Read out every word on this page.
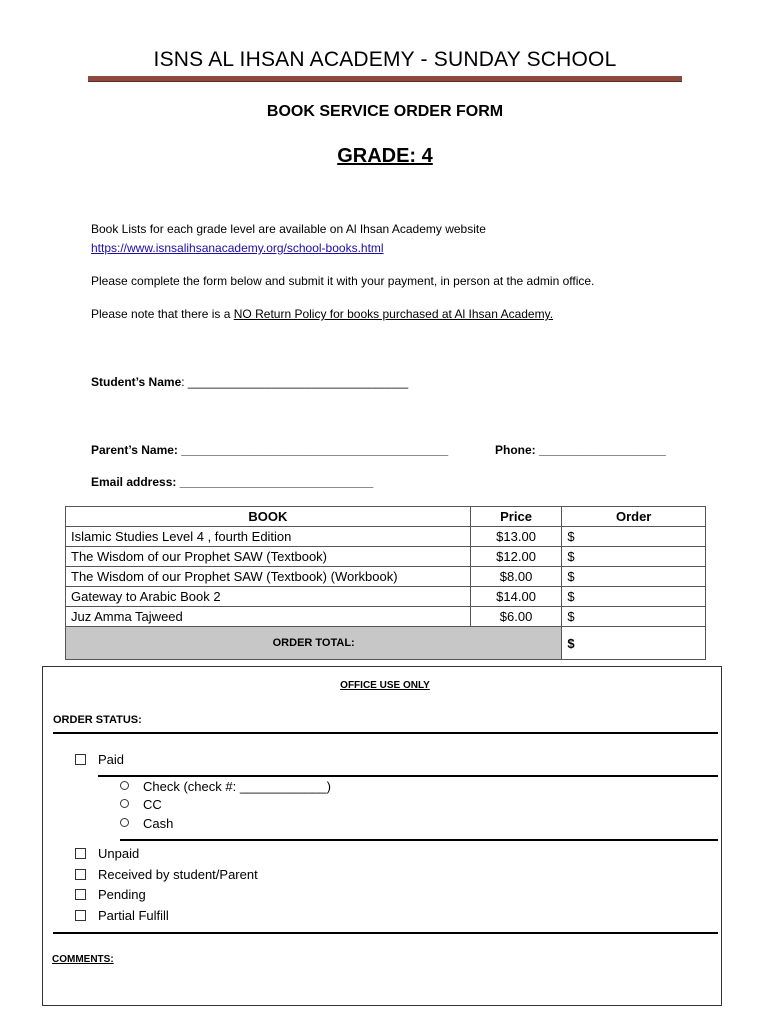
ISNS AL IHSAN ACADEMY - SUNDAY SCHOOL
BOOK SERVICE ORDER FORM
GRADE: 4
Book Lists for each grade level are available on Al Ihsan Academy website
https://www.isnsalihsanacademy.org/school-books.html
Please complete the form below and submit it with your payment, in person at the admin office.
Please note that there is a NO Return Policy for books purchased at Al Ihsan Academy.
Student’s Name: _________________________________
Parent’s Name: ________________________________________	Phone: ___________________
Email address: _____________________________
BOOK	Price	Order
Islamic Studies Level 4 , fourth Edition	$13.00	$
The Wisdom of our Prophet SAW (Textbook)	$12.00	$
The Wisdom of our Prophet SAW (Textbook) (Workbook)	$8.00	$
Gateway to Arabic Book 2	$14.00	$
Juz Amma Tajweed	$6.00	$
ORDER TOTAL:		$
OFFICE USE ONLY
ORDER STATUS:
Paid
Check (check #: ____________)
CC
Cash
Unpaid
Received by student/Parent
Pending
Partial Fulfill
COMMENTS:
